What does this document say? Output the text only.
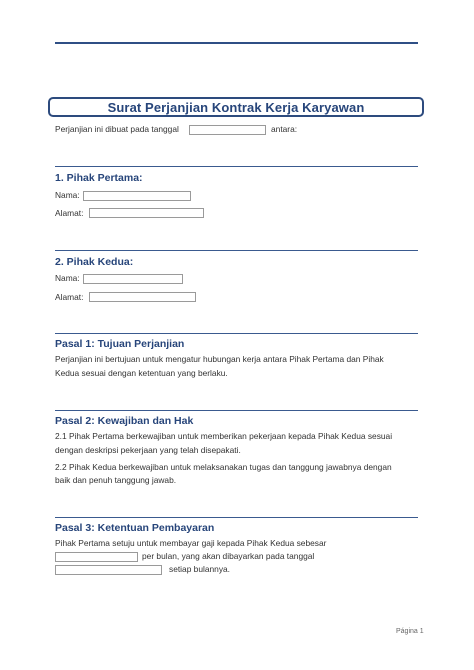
Surat Perjanjian Kontrak Kerja Karyawan
Perjanjian ini dibuat pada tanggal	antara:
1. Pihak Pertama:
Nama:
Alamat:
2. Pihak Kedua:
Nama:
Alamat:
Pasal 1: Tujuan Perjanjian
Perjanjian ini bertujuan untuk mengatur hubungan kerja antara Pihak Pertama dan Pihak
Kedua sesuai dengan ketentuan yang berlaku.
Pasal 2: Kewajiban dan Hak
2.1 Pihak Pertama berkewajiban untuk memberikan pekerjaan kepada Pihak Kedua sesuai
dengan deskripsi pekerjaan yang telah disepakati.
2.2 Pihak Kedua berkewajiban untuk melaksanakan tugas dan tanggung jawabnya dengan
baik dan penuh tanggung jawab.
Pasal 3: Ketentuan Pembayaran
Pihak Pertama setuju untuk membayar gaji kepada Pihak Kedua sebesar
per bulan, yang akan dibayarkan pada tanggal
setiap bulannya.
Página 1
